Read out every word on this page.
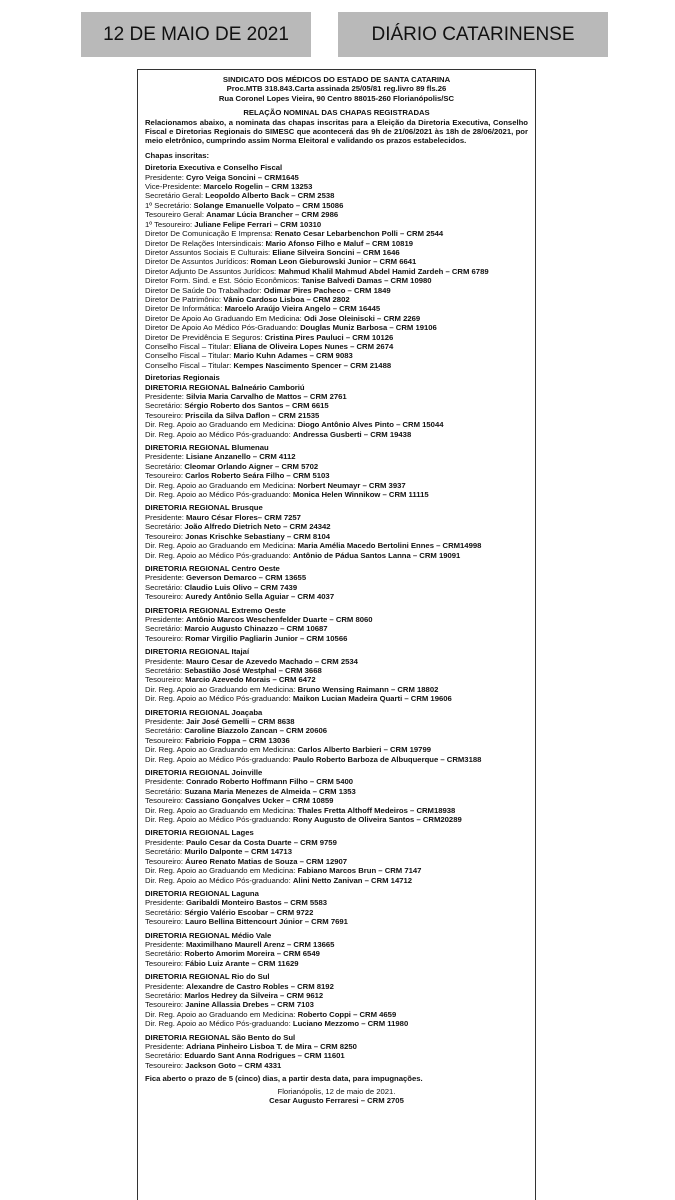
12 DE MAIO DE 2021	DIÁRIO CATARINENSE
SINDICATO DOS MÉDICOS DO ESTADO DE SANTA CATARINA
Proc.MTB 318.843.Carta assinada 25/05/81 reg.livro 89 fls.26
Rua Coronel Lopes Vieira, 90 Centro 88015-260 Florianópolis/SC
RELAÇÃO NOMINAL DAS CHAPAS REGISTRADAS
Relacionamos abaixo, a nominata das chapas inscritas para a Eleição da Diretoria Executiva, Conselho Fiscal e Diretorias Regionais do SIMESC que acontecerá das 9h de 21/06/2021 às 18h de 28/06/2021, por meio eletrônico, cumprindo assim Norma Eleitoral e validando os prazos estabelecidos.
Chapas inscritas:
Diretoria Executiva e Conselho Fiscal
Presidente: Cyro Veiga Soncini – CRM1645
Vice-Presidente: Marcelo Rogelin – CRM 13253
Secretário Geral: Leopoldo Alberto Back – CRM 2538
1º Secretário: Solange Emanuelle Volpato – CRM 15086
Tesoureiro Geral: Anamar Lúcia Brancher – CRM 2986
1º Tesoureiro: Juliane Felipe Ferrari – CRM 10310
Diretor De Comunicação E Imprensa: Renato Cesar Lebarbenchon Polli – CRM 2544
Diretor De Relações Intersindicais: Mario Afonso Filho e Maluf – CRM 10819
Diretor Assuntos Sociais E Culturais: Eliane Silveira Soncini – CRM 1646
Diretor De Assuntos Jurídicos: Roman Leon Gieburowski Junior – CRM 6641
Diretor Adjunto De Assuntos Jurídicos: Mahmud Khalil Mahmud Abdel Hamid Zardeh – CRM 6789
Diretor Form. Sind. e Est. Sócio Econômicos: Tanise Balvedi Damas – CRM 10980
Diretor De Saúde Do Trabalhador: Odimar Pires Pacheco – CRM 1849
Diretor De Patrimônio: Vânio Cardoso Lisboa – CRM 2802
Diretor De Informática: Marcelo Araújo Vieira Angelo – CRM 16445
Diretor De Apoio Ao Graduando Em Medicina: Odi Jose Oleiniscki – CRM 2269
Diretor De Apoio Ao Médico Pós-Graduando: Douglas Muniz Barbosa – CRM 19106
Diretor De Previdência E Seguros: Cristina Pires Pauluci – CRM 10126
Conselho Fiscal – Titular: Eliana de Oliveira Lopes Nunes – CRM 2674
Conselho Fiscal – Titular: Mario Kuhn Adames – CRM 9083
Conselho Fiscal – Titular: Kempes Nascimento Spencer – CRM 21488
Diretorias Regionais
DIRETORIA REGIONAL Balneário Camboriú
Presidente: Silvia Maria Carvalho de Mattos – CRM 2761
Secretário: Sérgio Roberto dos Santos – CRM 6615
Tesoureiro: Priscila da Silva Daflon – CRM 21535
Dir. Reg. Apoio ao Graduando em Medicina: Diogo Antônio Alves Pinto – CRM 15044
Dir. Reg. Apoio ao Médico Pós-graduando: Andressa Gusberti – CRM 19438
DIRETORIA REGIONAL Blumenau
Presidente: Lisiane Anzanello – CRM 4112
Secretário: Cleomar Orlando Aigner – CRM 5702
Tesoureiro: Carlos Roberto Seára Filho – CRM 5103
Dir. Reg. Apoio ao Graduando em Medicina: Norbert Neumayr – CRM 3937
Dir. Reg. Apoio ao Médico Pós-graduando: Monica Helen Winnikow – CRM 11115
DIRETORIA REGIONAL Brusque
Presidente: Mauro César Flores– CRM 7257
Secretário: João Alfredo Dietrich Neto – CRM 24342
Tesoureiro: Jonas Krischke Sebastiany – CRM 8104
Dir. Reg. Apoio ao Graduando em Medicina: Maria Amélia Macedo Bertolini Ennes – CRM14998
Dir. Reg. Apoio ao Médico Pós-graduando: Antônio de Pádua Santos Lanna – CRM 19091
DIRETORIA REGIONAL Centro Oeste
Presidente: Geverson Demarco – CRM 13655
Secretário: Claudio Luis Olivo – CRM 7439
Tesoureiro: Auredy Antônio Sella Aguiar – CRM 4037
DIRETORIA REGIONAL Extremo Oeste
Presidente: Antônio Marcos Weschenfelder Duarte – CRM 8060
Secretário: Marcio Augusto Chinazzo – CRM 10687
Tesoureiro: Romar Virgilio Pagliarin Junior – CRM 10566
DIRETORIA REGIONAL Itajaí
Presidente: Mauro Cesar de Azevedo Machado – CRM 2534
Secretário: Sebastião José Westphal – CRM 3668
Tesoureiro: Marcio Azevedo Morais – CRM 6472
Dir. Reg. Apoio ao Graduando em Medicina: Bruno Wensing Raimann – CRM 18802
Dir. Reg. Apoio ao Médico Pós-graduando: Maikon Lucian Madeira Quarti – CRM 19606
DIRETORIA REGIONAL Joaçaba
Presidente: Jair José Gemelli – CRM 8638
Secretário: Caroline Biazzolo Zancan – CRM 20606
Tesoureiro: Fabricio Foppa – CRM 13036
Dir. Reg. Apoio ao Graduando em Medicina: Carlos Alberto Barbieri – CRM 19799
Dir. Reg. Apoio ao Médico Pós-graduando: Paulo Roberto Barboza de Albuquerque – CRM3188
DIRETORIA REGIONAL Joinville
Presidente: Conrado Roberto Hoffmann Filho – CRM 5400
Secretário: Suzana Maria Menezes de Almeida – CRM 1353
Tesoureiro: Cassiano Gonçalves Ucker – CRM 10859
Dir. Reg. Apoio ao Graduando em Medicina: Thales Fretta Althoff Medeiros – CRM18938
Dir. Reg. Apoio ao Médico Pós-graduando: Rony Augusto de Oliveira Santos – CRM20289
DIRETORIA REGIONAL Lages
Presidente: Paulo Cesar da Costa Duarte – CRM 9759
Secretário: Murilo Dalponte – CRM 14713
Tesoureiro: Áureo Renato Matias de Souza – CRM 12907
Dir. Reg. Apoio ao Graduando em Medicina: Fabiano Marcos Brun – CRM 7147
Dir. Reg. Apoio ao Médico Pós-graduando: Alini Netto Zanivan – CRM 14712
DIRETORIA REGIONAL Laguna
Presidente: Garibaldi Monteiro Bastos – CRM 5583
Secretário: Sérgio Valério Escobar – CRM 9722
Tesoureiro: Lauro Bellina Bittencourt Júnior – CRM 7691
DIRETORIA REGIONAL Médio Vale
Presidente: Maximilhano Maurell Arenz – CRM 13665
Secretário: Roberto Amorim Moreira – CRM 6549
Tesoureiro: Fábio Luiz Arante – CRM 11629
DIRETORIA REGIONAL Rio do Sul
Presidente: Alexandre de Castro Robles – CRM 8192
Secretário: Marlos Hedrey da Silveira – CRM 9612
Tesoureiro: Janine Allassia Drebes – CRM 7103
Dir. Reg. Apoio ao Graduando em Medicina: Roberto Coppi – CRM 4659
Dir. Reg. Apoio ao Médico Pós-graduando: Luciano Mezzomo – CRM 11980
DIRETORIA REGIONAL São Bento do Sul
Presidente: Adriana Pinheiro Lisboa T. de Mira – CRM 8250
Secretário: Eduardo Sant Anna Rodrigues – CRM 11601
Tesoureiro: Jackson Goto – CRM 4331
Fica aberto o prazo de 5 (cinco) dias, a partir desta data, para impugnações.
Florianópolis, 12 de maio de 2021.
Cesar Augusto Ferraresi – CRM 2705
